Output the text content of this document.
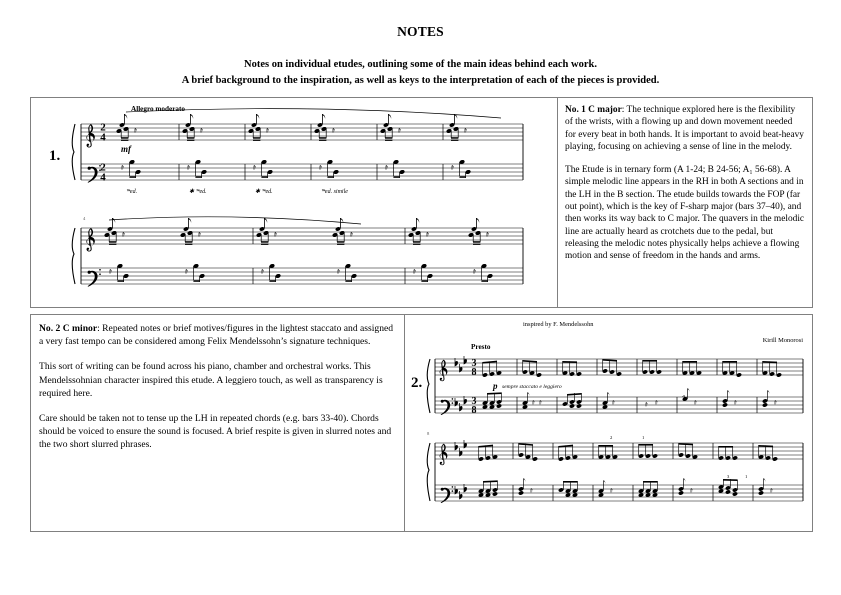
NOTES
Notes on individual etudes, outlining some of the main ideas behind each work.
A brief background to the inspiration, as well as keys to the interpretation of each of the pieces is provided.
1.
Allegro moderato
2
4
2
4
mf
𝆮ed.	✱ 𝆮ed.	✱ 𝆮ed.	𝆮ed. simile
4

No. 1 C major: The technique explored here is the flexibility of the wrists, with a flowing up and down movement needed for every beat in both hands. It is important to avoid beat-heavy playing, focusing on achieving a sense of line in the melody.

The Etude is in ternary form (A 1-24; B 24-56; A₁ 56-68). A simple melodic line appears in the RH in both A sections and in the LH in the B section. The etude builds towards the FOP (far out point), which is the key of F-sharp major (bars 37–40), and then works its way back to C major. The quavers in the melodic line are actually heard as crotchets due to the pedal, but releasing the melodic notes physically helps achieve a flowing motion and sense of freedom in the hands and arms.

No. 2 C minor: Repeated notes or brief motives/figures in the lightest staccato and assigned a very fast tempo can be considered among Felix Mendelssohn’s signature techniques.

This sort of writing can be found across his piano, chamber and orchestral works. This Mendelssohnian character inspired this etude. A leggiero touch, as well as transparency is required here.

Care should be taken not to tense up the LH in repeated chords (e.g. bars 33-40). Chords should be voiced to ensure the sound is focused. A brief respite is given in slurred notes and the two short slurred phrases.

inspired by F. Mendelssohn
Kirill Monorosi
2.
Presto
3
8
3
8
p sempre staccato e leggiero
8
2	1
3	1
